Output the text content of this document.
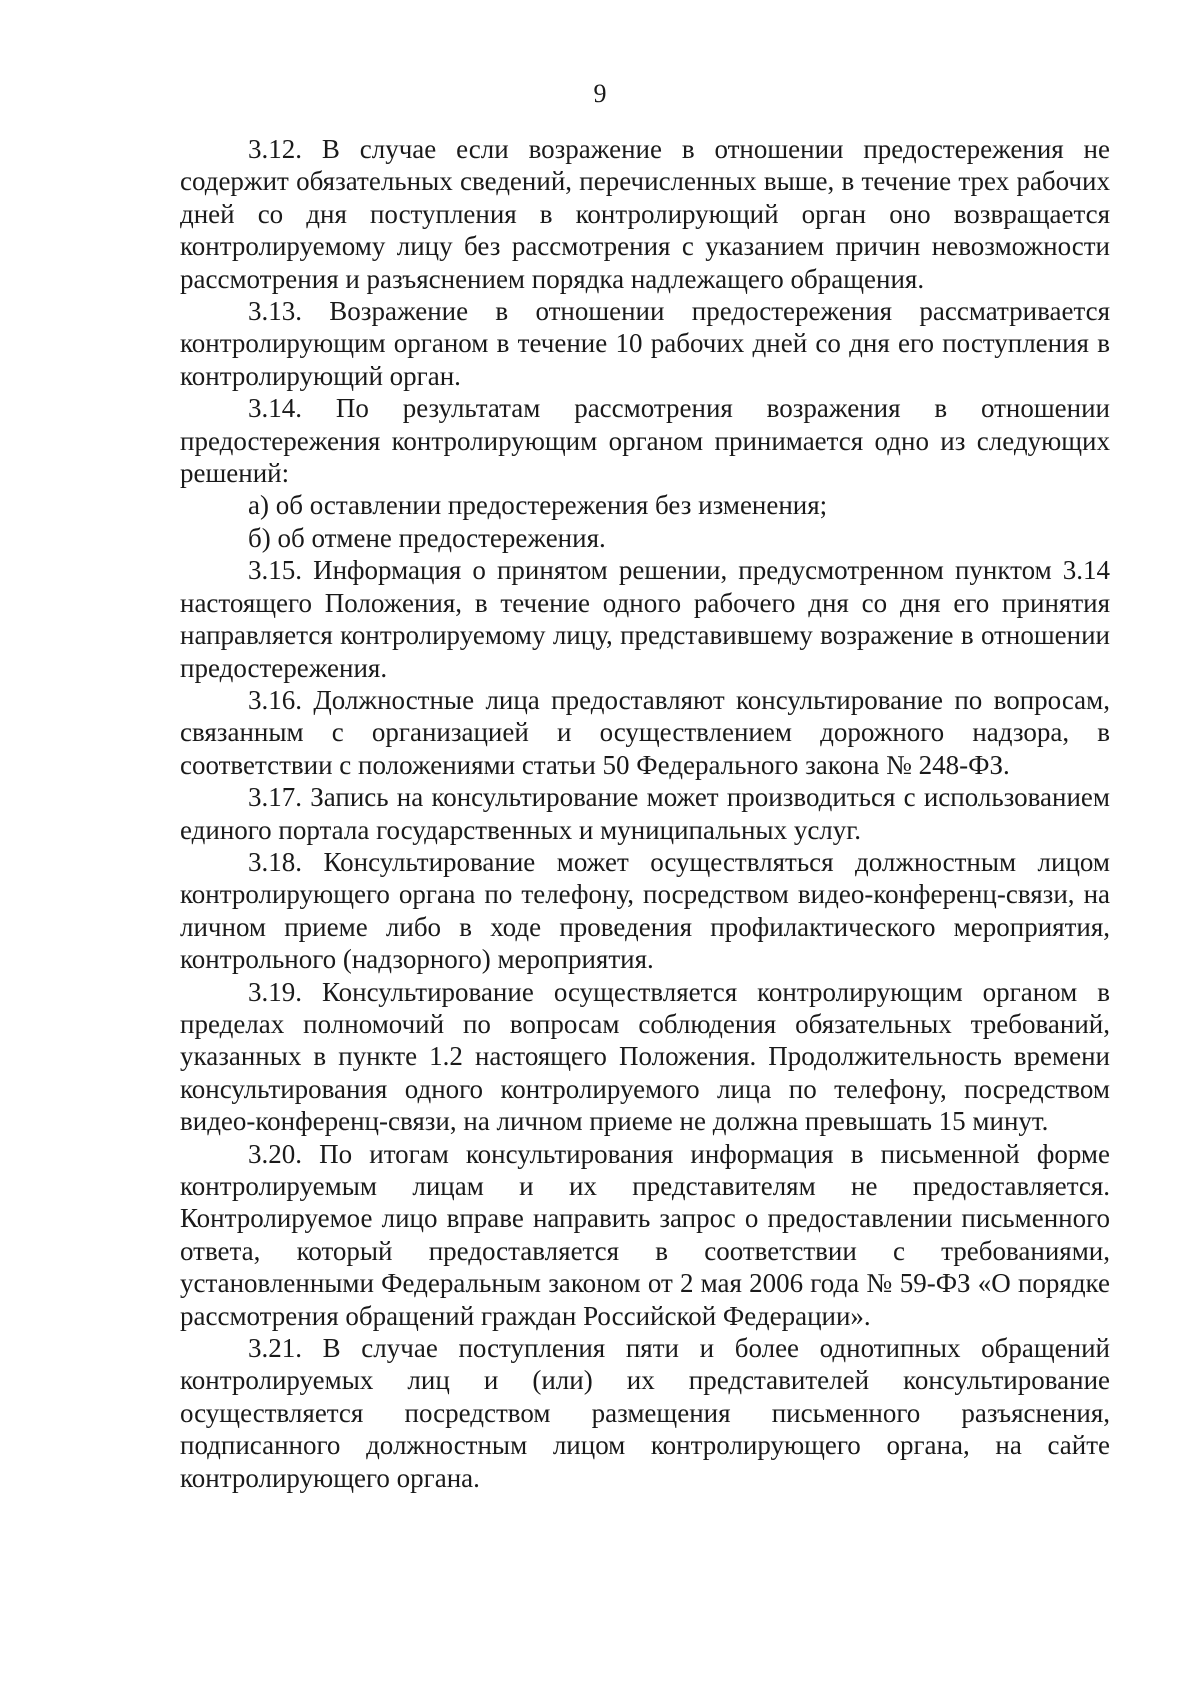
9

3.12. В случае если возражение в отношении предостережения не содержит обязательных сведений, перечисленных выше, в течение трех рабочих дней со дня поступления в контролирующий орган оно возвращается контролируемому лицу без рассмотрения с указанием причин невозможности рассмотрения и разъяснением порядка надлежащего обращения.

3.13. Возражение в отношении предостережения рассматривается контролирующим органом в течение 10 рабочих дней со дня его поступления в контролирующий орган.

3.14. По результатам рассмотрения возражения в отношении предостережения контролирующим органом принимается одно из следующих решений:

а) об оставлении предостережения без изменения;

б) об отмене предостережения.

3.15. Информация о принятом решении, предусмотренном пунктом 3.14 настоящего Положения, в течение одного рабочего дня со дня его принятия направляется контролируемому лицу, представившему возражение в отношении предостережения.

3.16. Должностные лица предоставляют консультирование по вопросам, связанным с организацией и осуществлением дорожного надзора, в соответствии с положениями статьи 50 Федерального закона № 248-ФЗ.

3.17. Запись на консультирование может производиться с использованием единого портала государственных и муниципальных услуг.

3.18. Консультирование может осуществляться должностным лицом контролирующего органа по телефону, посредством видео-конференц-связи, на личном приеме либо в ходе проведения профилактического мероприятия, контрольного (надзорного) мероприятия.

3.19. Консультирование осуществляется контролирующим органом в пределах полномочий по вопросам соблюдения обязательных требований, указанных в пункте 1.2 настоящего Положения. Продолжительность времени консультирования одного контролируемого лица по телефону, посредством видео-конференц-связи, на личном приеме не должна превышать 15 минут.

3.20. По итогам консультирования информация в письменной форме контролируемым лицам и их представителям не предоставляется. Контролируемое лицо вправе направить запрос о предоставлении письменного ответа, который предоставляется в соответствии с требованиями, установленными Федеральным законом от 2 мая 2006 года № 59-ФЗ «О порядке рассмотрения обращений граждан Российской Федерации».

3.21. В случае поступления пяти и более однотипных обращений контролируемых лиц и (или) их представителей консультирование осуществляется посредством размещения письменного разъяснения, подписанного должностным лицом контролирующего органа, на сайте контролирующего органа.
